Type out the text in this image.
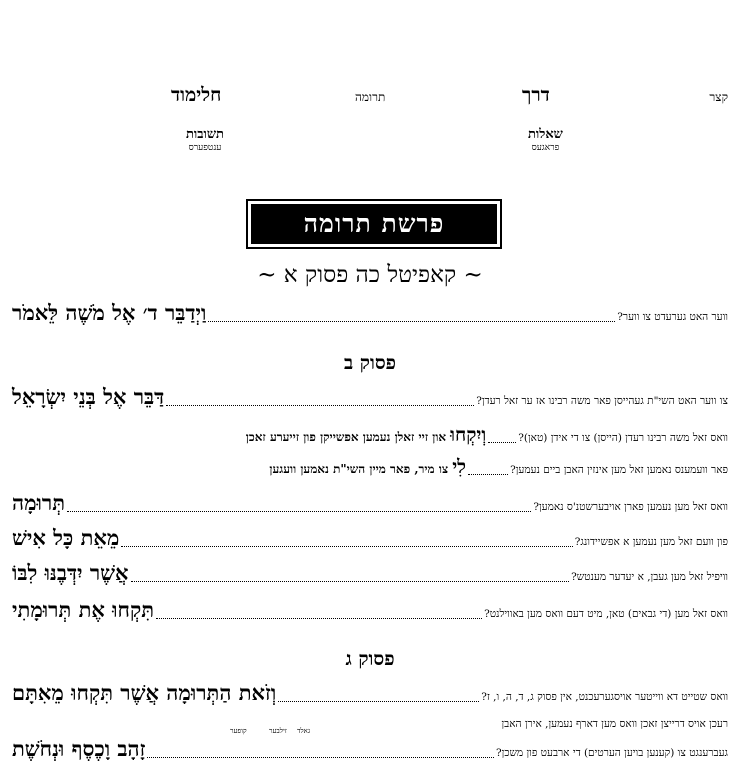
קצר
דרך
תרומה
חלימוד
שאלות
פראגעס
תשובות
ענטפערס
פרשת תרומה
~ קאפיטל כה פסוק א ~
ווער האט גערעדט צו ווער?
וַיְדַבֵּר ד׳ אֶל מֹשֶׁה לֵּאמֹר
פסוק ב
צו ווער האט השי"ת געהייסן פאר משה רבינו אז ער זאל רעדן?
דַּבֵּר אֶל בְּנֵי יִשְׂרָאֵל
וואס זאל משה רבינו רעדן (הייסן) צו די אידן (טאן)?
וְיִקְחוּ
און זיי זאלן נעמען אפשייקן פון זייערע זאכן
פאר וועמענס נאמען זאל מען אינזין האבן ביים נעמען?
לִי
צו מיר, פאר מיין השי"ת נאמען וועגען
וואס זאל מען נעמען פארן אויבערשטנ'ס נאמען?
תְּרוּמָה
פון וועם זאל מען נעמען א אפשיידונג?
מֵאֵת כָּל אִישׁ
וויפיל זאל מען געבן, א יעדער מענטש?
אֲשֶׁר יִדְּבֶנּוּ לִבּוֹ
וואס זאל מען (די גבאים) טאן, מיט דעם וואס מען באווילנט?
תִּקְחוּ אֶת תְּרוּמָתִי
פסוק ג
וואס שטייט דא ווייטער אויסגערעכנט, אין פסוק ג, ד, ה, ו, ז?
וְזֹאת הַתְּרוּמָה אֲשֶׁר תִּקְחוּ מֵאִתָּם
רעכן אויס דרייצן זאכן וואס מען דארף נעמען, אירן האבן
גאלד
זילבער
קופער
געברענגט צו (קענען בויען הערטים) די ארבעט פון משכן?
זָהָב וָכֶסֶף וּנְחֹשֶׁת
